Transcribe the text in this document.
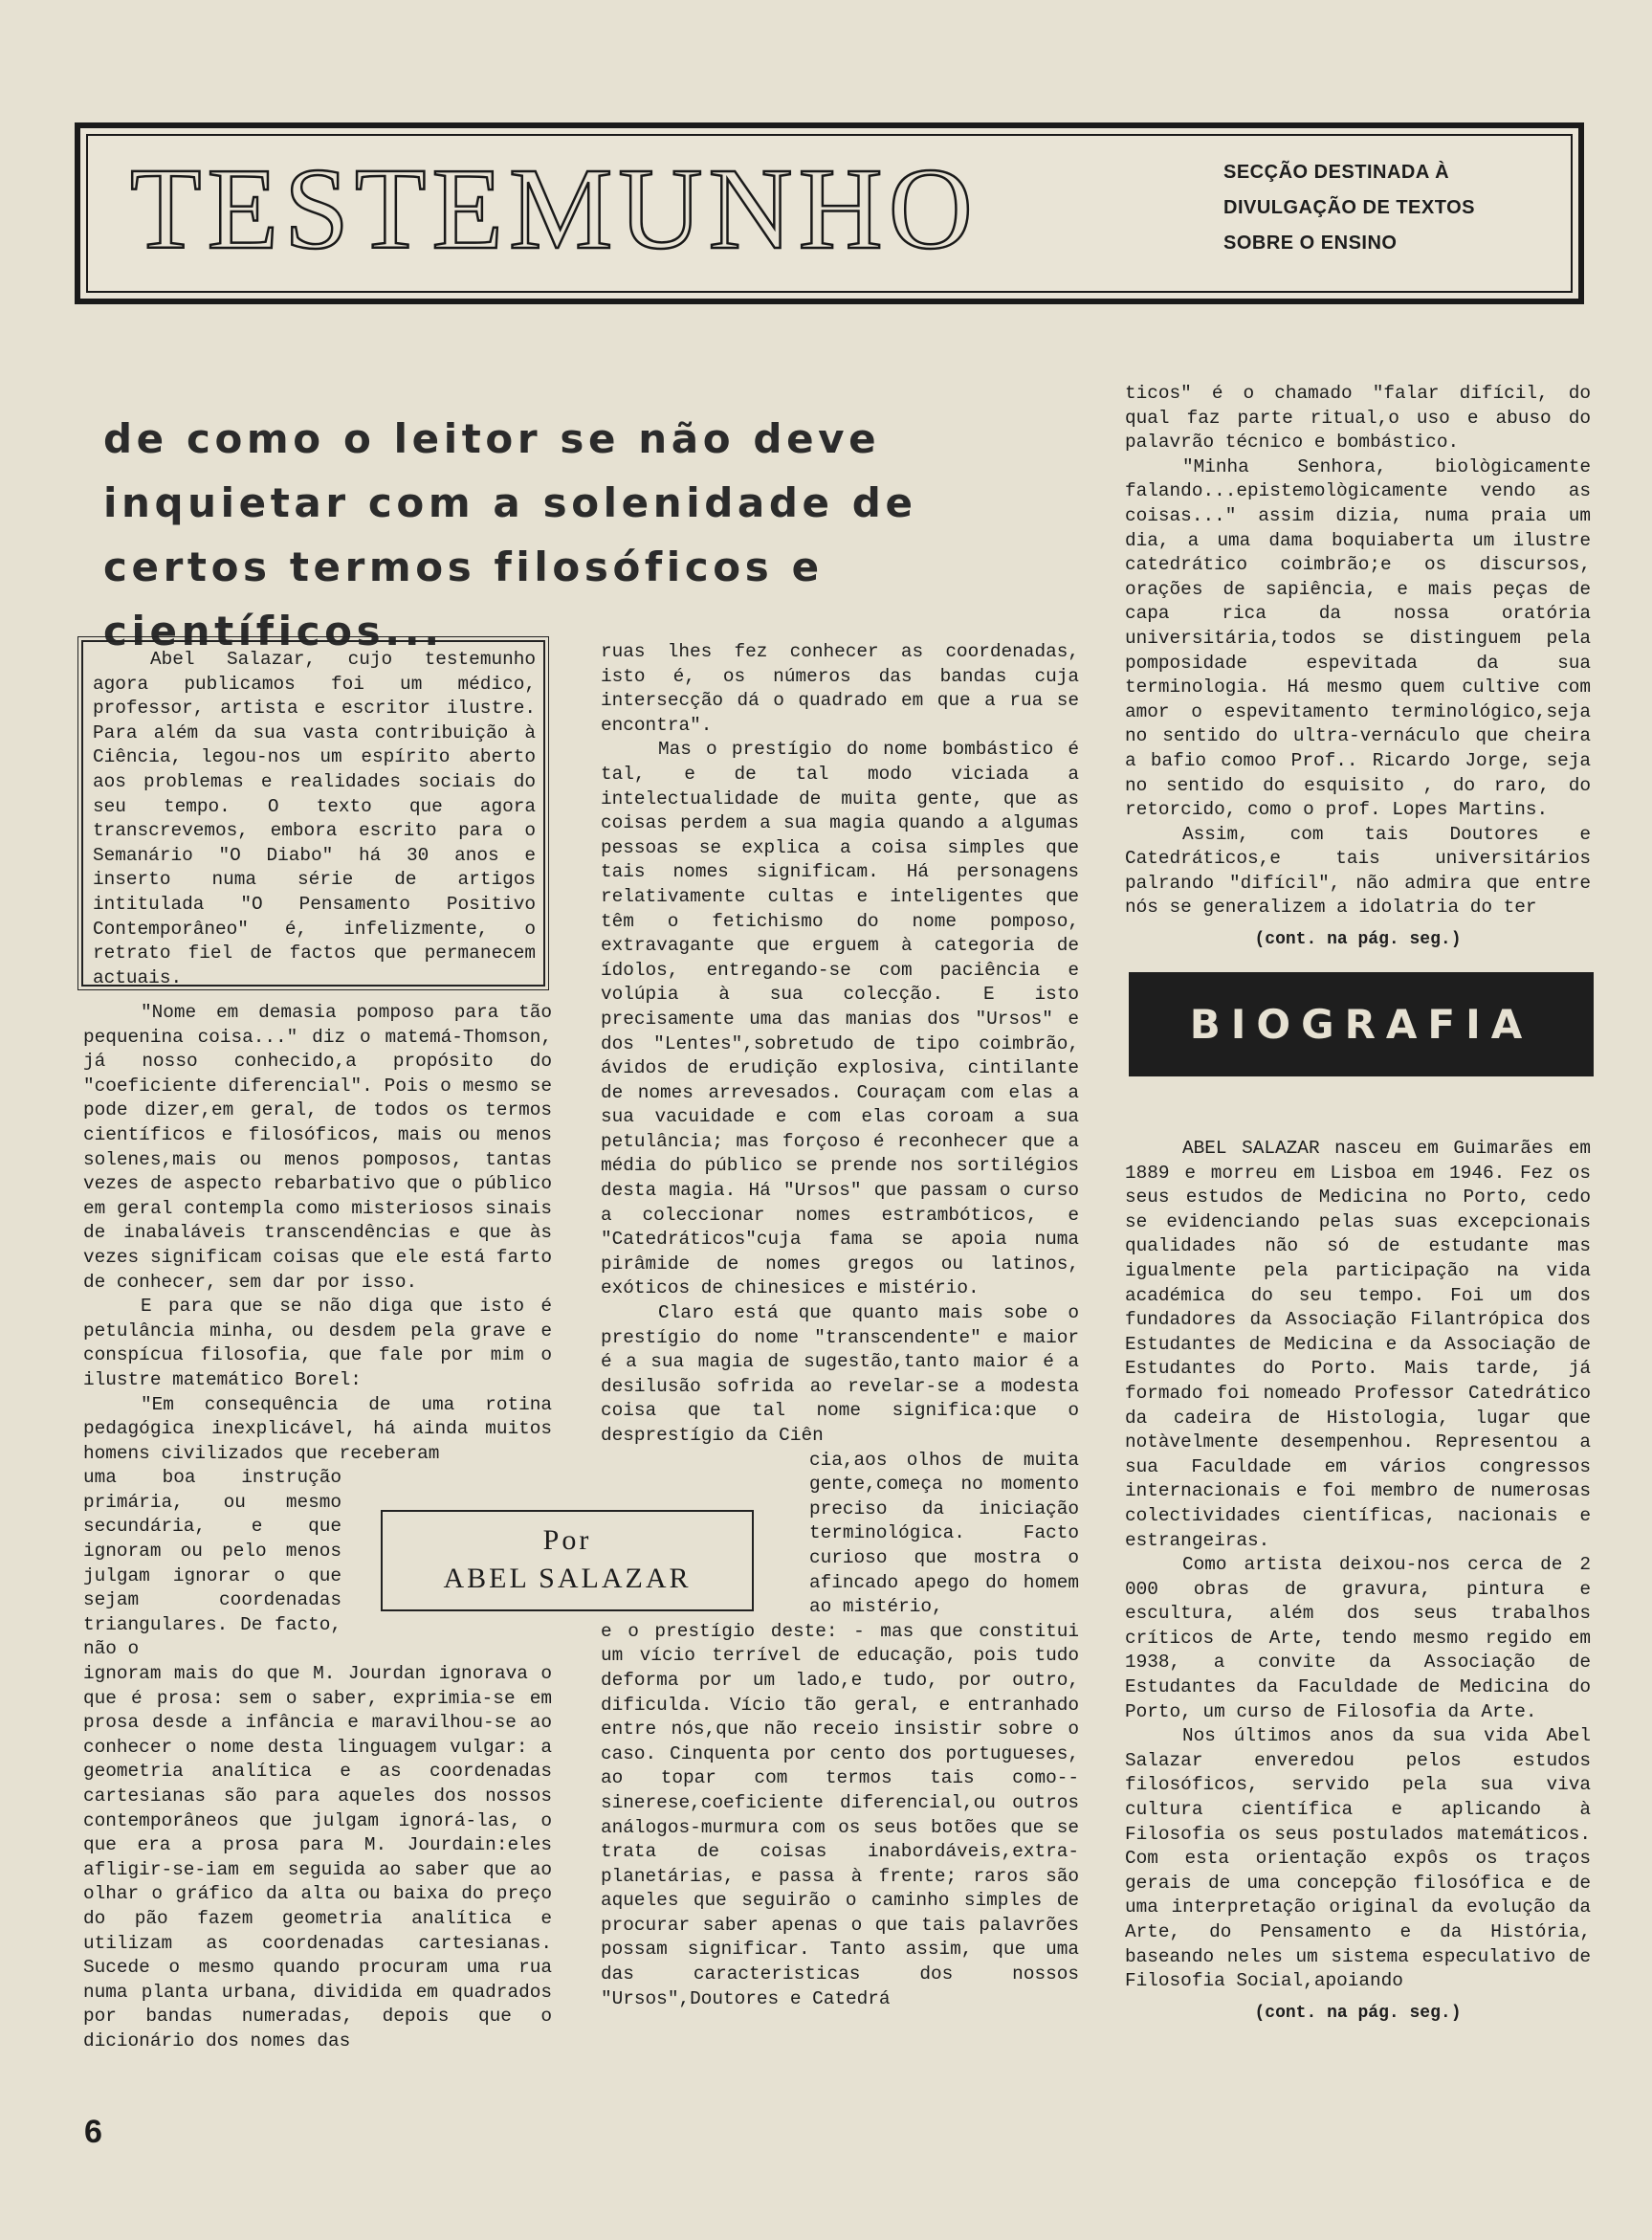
TESTEMUNHO	SECÇÃO DESTINADA À
DIVULGAÇÃO DE TEXTOS
SOBRE O ENSINO
de como o leitor se não deve inquietar com a solenidade de certos termos filosóficos e científicos...

Abel Salazar, cujo testemunho agora publicamos foi um médico, professor, artista e escritor ilustre. Para além da sua vasta contribuição à Ciência, legou-nos um espírito aberto aos problemas e realidades sociais do seu tempo. O texto que agora transcrevemos, embora escrito para o Semanário "O Diabo" há 30 anos e inserto numa série de artigos intitulada "O Pensamento Positivo Contemporâneo" é, infelizmente, o retrato fiel de factos que permanecem actuais.

"Nome em demasia pomposo para tão pequenina coisa..." diz o matemá-Thomson, já nosso conhecido,a propósito do "coeficiente diferencial". Pois o mesmo se pode dizer,em geral, de todos os termos científicos e filosóficos, mais ou menos solenes,mais ou menos pomposos, tantas vezes de aspecto rebarbativo que o público em geral contempla como misteriosos sinais de inabaláveis transcendências e que às vezes significam coisas que ele está farto de conhecer, sem dar por isso.

E para que se não diga que isto é petulância minha, ou desdem pela grave e conspícua filosofia, que fale por mim o ilustre matemático Borel:

"Em consequência de uma rotina pedagógica inexplicável, há ainda muitos homens civilizados que receberam

uma boa instrução primária, ou mesmo secundária, e que ignoram ou pelo menos julgam ignorar o que sejam coordenadas triangulares. De facto, não o

ignoram mais do que M. Jourdan ignorava o que é prosa: sem o saber, exprimia-se em prosa desde a infância e maravilhou-se ao conhecer o nome desta linguagem vulgar: a geometria analítica e as coordenadas cartesianas são para aqueles dos nossos contemporâneos que julgam ignorá-las, o que era a prosa para M. Jourdain:eles afligir-se-iam em seguida ao saber que ao olhar o gráfico da alta ou baixa do preço do pão fazem geometria analítica e utilizam as coordenadas cartesianas. Sucede o mesmo quando procuram uma rua numa planta urbana, dividida em quadrados por bandas numeradas, depois que o dicionário dos nomes das

Por
ABEL SALAZAR

ruas lhes fez conhecer as coordenadas, isto é, os números das bandas cuja intersecção dá o quadrado em que a rua se encontra".

Mas o prestígio do nome bombástico é tal, e de tal modo viciada a intelectualidade de muita gente, que as coisas perdem a sua magia quando a algumas pessoas se explica a coisa simples que tais nomes significam. Há personagens relativamente cultas e inteligentes que têm o fetichismo do nome pomposo, extravagante que erguem à categoria de ídolos, entregando-se com paciência e volúpia à sua colecção. E isto precisamente uma das manias dos "Ursos" e dos "Lentes",sobretudo de tipo coimbrão, ávidos de erudição explosiva, cintilante de nomes arrevesados. Couraçam com elas a sua vacuidade e com elas coroam a sua petulância; mas forçoso é reconhecer que a média do público se prende nos sortilégios desta magia. Há "Ursos" que passam o curso a coleccionar nomes estrambóticos, e "Catedráticos"cuja fama se apoia numa pirâmide de nomes gregos ou latinos, exóticos de chinesices e mistério.

Claro está que quanto mais sobe o prestígio do nome "transcendente" e maior é a sua magia de sugestão,tanto maior é a desilusão sofrida ao revelar-se a modesta coisa que tal nome significa:que o desprestígio da Ciên

cia,aos olhos de muita gente,começa no momento preciso da iniciação terminológica. Facto curioso que mostra o afincado apego do homem ao mistério,

e o prestígio deste: - mas que constitui um vício terrível de educação, pois tudo deforma por um lado,e tudo, por outro, dificulda. Vício tão geral, e entranhado entre nós,que não receio insistir sobre o caso. Cinquenta por cento dos portugueses, ao topar com termos tais como-- sinerese,coeficiente diferencial,ou outros análogos-murmura com os seus botões que se trata de coisas inabordáveis,extra-planetárias, e passa à frente; raros são aqueles que seguirão o caminho simples de procurar saber apenas o que tais palavrões possam significar. Tanto assim, que uma das caracteristicas dos nossos "Ursos",Doutores e Catedrá

ticos" é o chamado "falar difícil, do qual faz parte ritual,o uso e abuso do palavrão técnico e bombástico.

"Minha Senhora, biològicamente falando...epistemològicamente vendo as coisas..." assim dizia, numa praia um dia, a uma dama boquiaberta um ilustre catedrático coimbrão;e os discursos, orações de sapiência, e mais peças de capa rica da nossa oratória universitária,todos se distinguem pela pomposidade espevitada da sua terminologia. Há mesmo quem cultive com amor o espevitamento terminológico,seja no sentido do ultra-vernáculo que cheira a bafio comoo Prof.. Ricardo Jorge, seja no sentido do esquisito , do raro, do retorcido, como o prof. Lopes Martins.

Assim, com tais Doutores e Catedráticos,e tais universitários palrando "difícil", não admira que entre nós se generalizem a idolatria do ter

(cont. na pág. seg.)
BIOGRAFIA

ABEL SALAZAR nasceu em Guimarães em 1889 e morreu em Lisboa em 1946. Fez os seus estudos de Medicina no Porto, cedo se evidenciando pelas suas excepcionais qualidades não só de estudante mas igualmente pela participação na vida académica do seu tempo. Foi um dos fundadores da Associação Filantrópica dos Estudantes de Medicina e da Associação de Estudantes do Porto. Mais tarde, já formado foi nomeado Professor Catedrático da cadeira de Histologia, lugar que notàvelmente desempenhou. Representou a sua Faculdade em vários congressos internacionais e foi membro de numerosas colectividades científicas, nacionais e estrangeiras.

Como artista deixou-nos cerca de 2 000 obras de gravura, pintura e escultura, além dos seus trabalhos críticos de Arte, tendo mesmo regido em 1938, a convite da Associação de Estudantes da Faculdade de Medicina do Porto, um curso de Filosofia da Arte.

Nos últimos anos da sua vida Abel Salazar enveredou pelos estudos filosóficos, servido pela sua viva cultura científica e aplicando à Filosofia os seus postulados matemáticos. Com esta orientação expôs os traços gerais de uma concepção filosófica e de uma interpretação original da evolução da Arte, do Pensamento e da História, baseando neles um sistema especulativo de Filosofia Social,apoiando

(cont. na pág. seg.)
6
